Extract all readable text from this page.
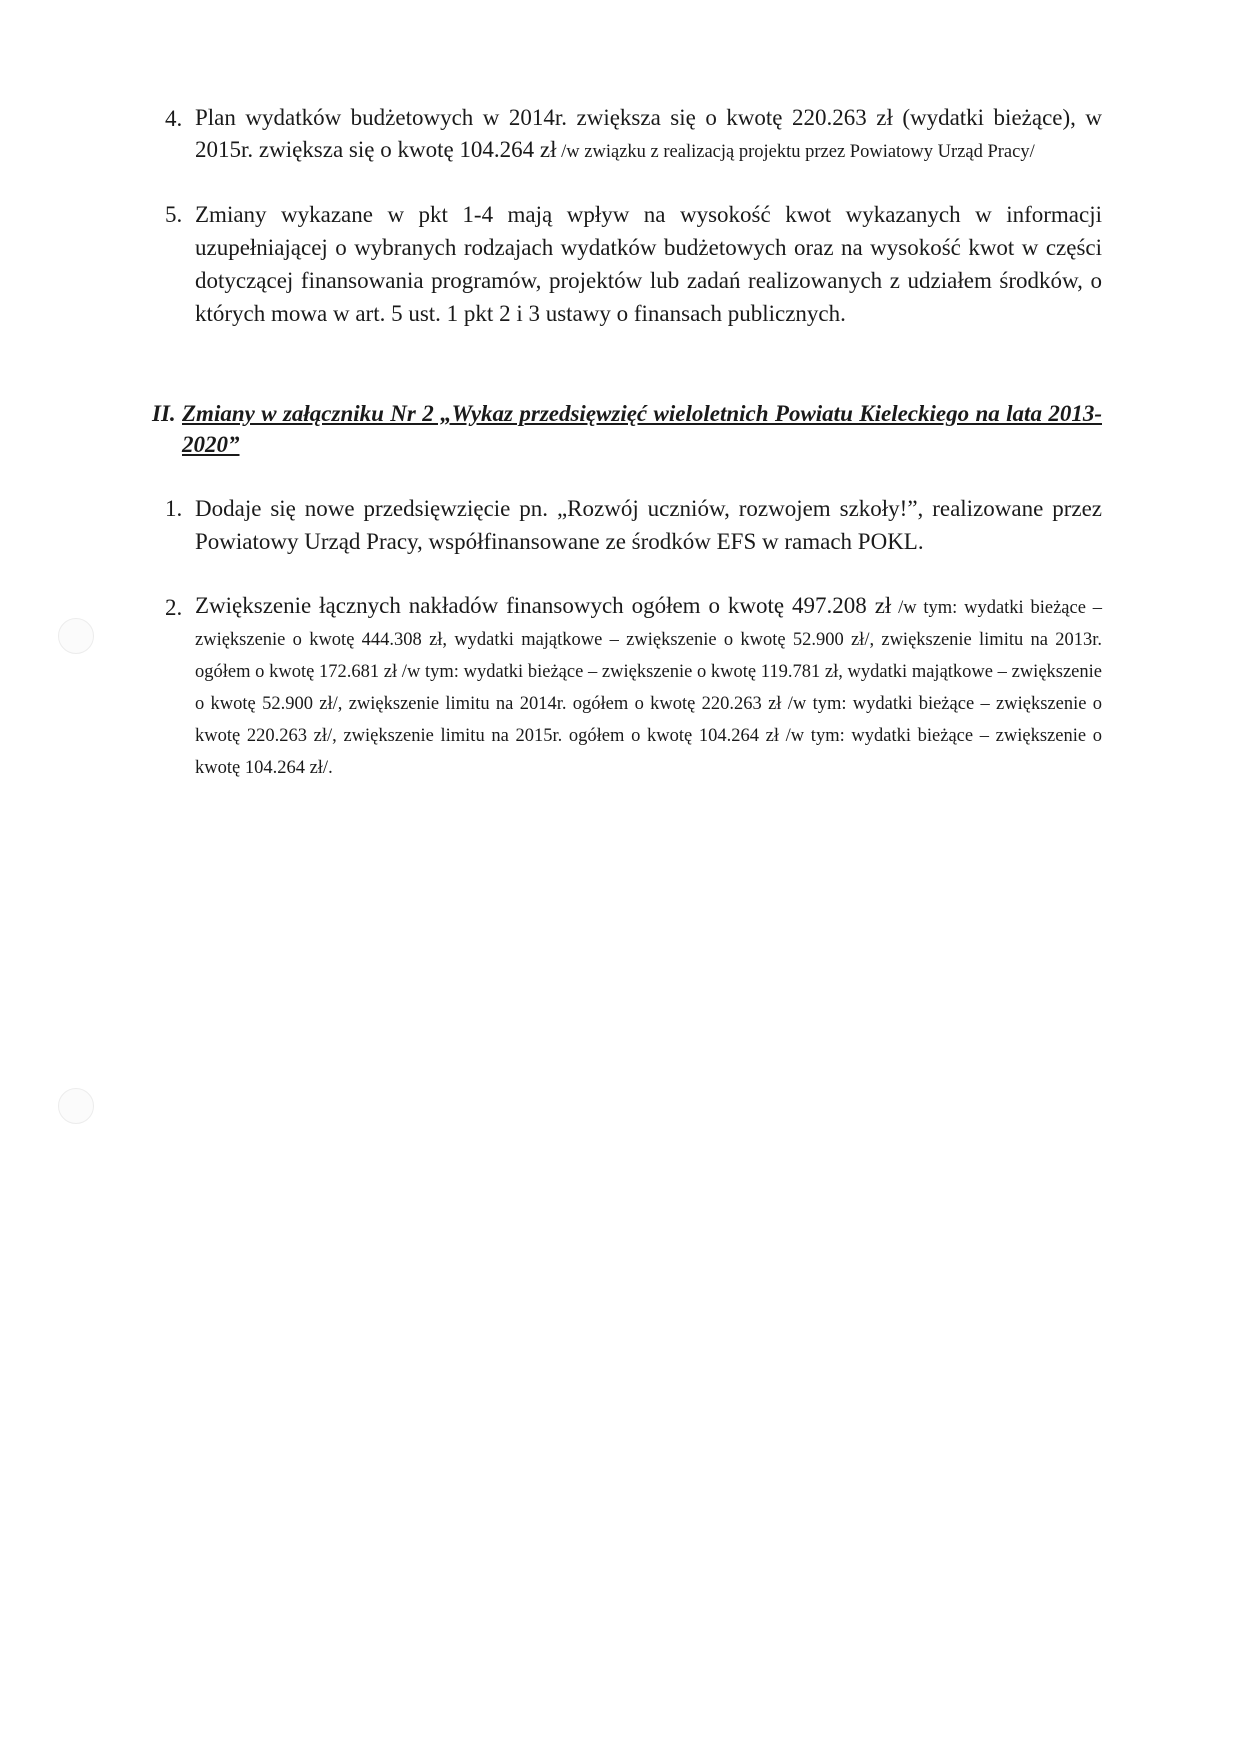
4. Plan wydatków budżetowych w 2014r. zwiększa się o kwotę 220.263 zł (wydatki bieżące), w 2015r. zwiększa się o kwotę 104.264 zł /w związku z realizacją projektu przez Powiatowy Urząd Pracy/
5. Zmiany wykazane w pkt 1-4 mają wpływ na wysokość kwot wykazanych w informacji uzupełniającej o wybranych rodzajach wydatków budżetowych oraz na wysokość kwot w części dotyczącej finansowania programów, projektów lub zadań realizowanych z udziałem środków, o których mowa w art. 5 ust. 1 pkt 2 i 3 ustawy o finansach publicznych.
II. Zmiany w załączniku Nr 2 „Wykaz przedsięwzięć wieloletnich Powiatu Kieleckiego na lata 2013-2020”
1. Dodaje się nowe przedsięwzięcie pn. „Rozwój uczniów, rozwojem szkoły!”, realizowane przez Powiatowy Urząd Pracy, współfinansowane ze środków EFS w ramach POKL.
2. Zwiększenie łącznych nakładów finansowych ogółem o kwotę 497.208 zł /w tym: wydatki bieżące – zwiększenie o kwotę 444.308 zł, wydatki majątkowe – zwiększenie o kwotę 52.900 zł/, zwiększenie limitu na 2013r. ogółem o kwotę 172.681 zł /w tym: wydatki bieżące – zwiększenie o kwotę 119.781 zł, wydatki majątkowe – zwiększenie o kwotę 52.900 zł/, zwiększenie limitu na 2014r. ogółem o kwotę 220.263 zł /w tym: wydatki bieżące – zwiększenie o kwotę 220.263 zł/, zwiększenie limitu na 2015r. ogółem o kwotę 104.264 zł /w tym: wydatki bieżące – zwiększenie o kwotę 104.264 zł/.
